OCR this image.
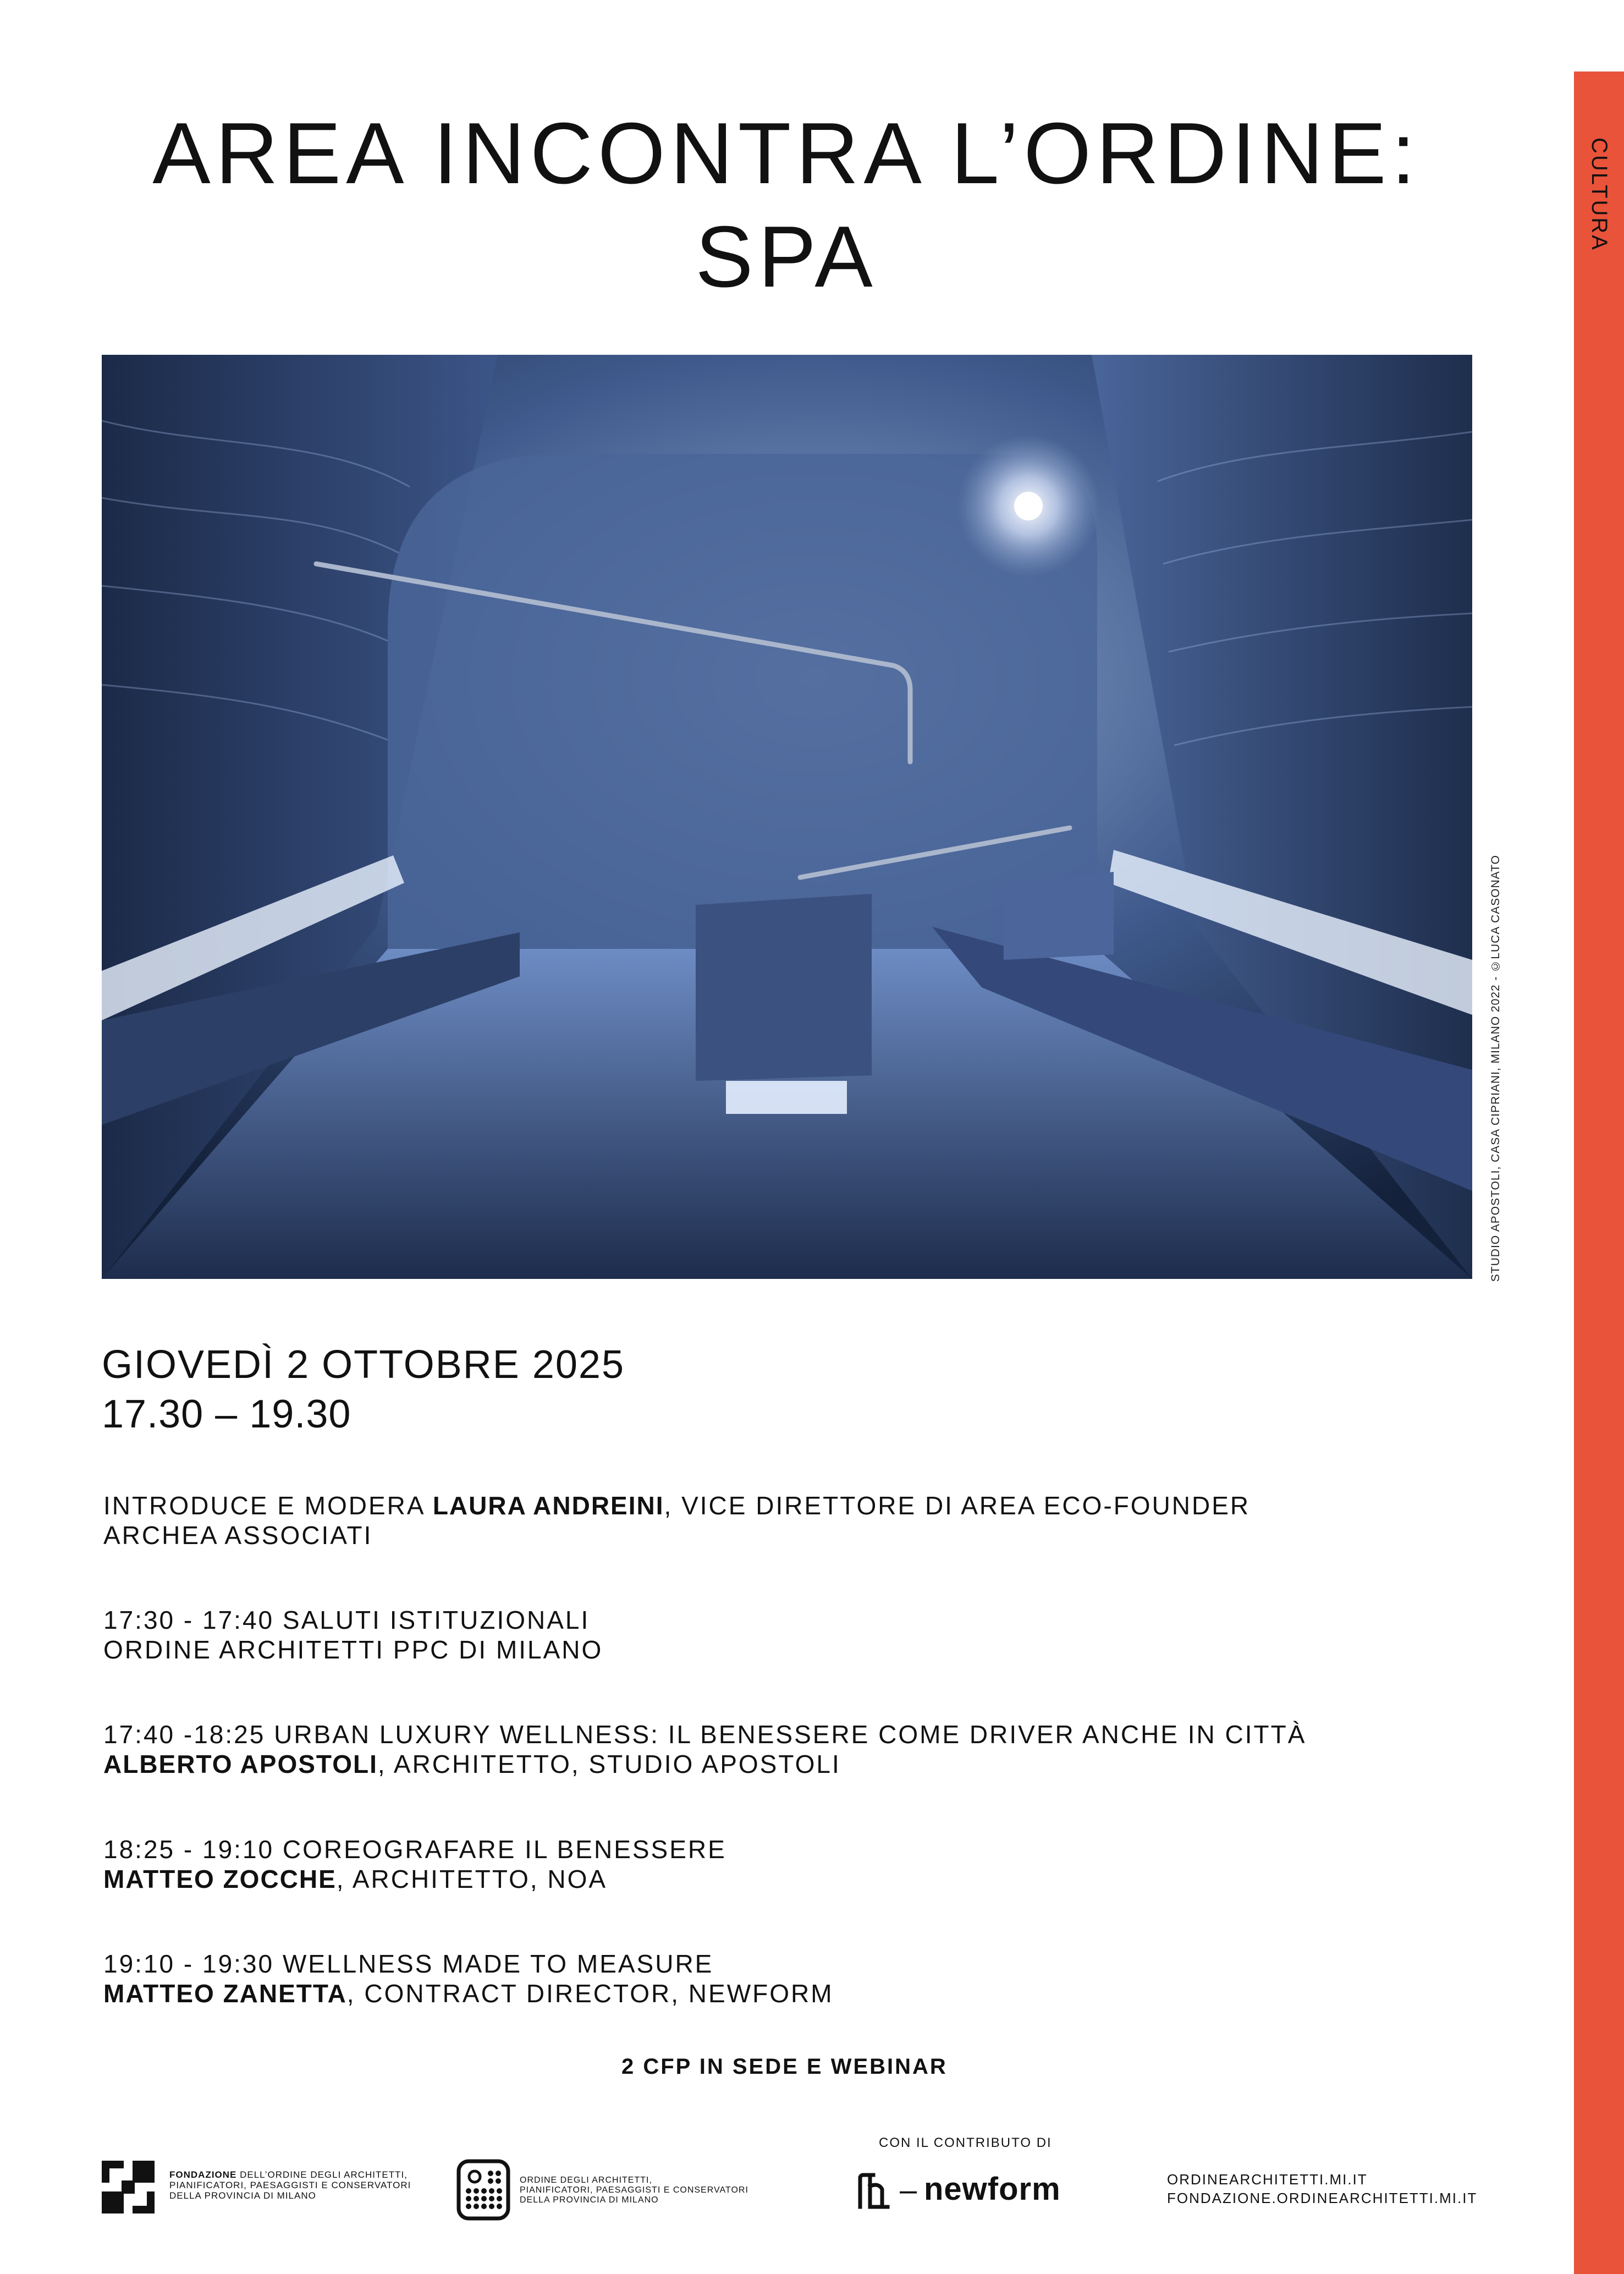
CULTURA
AREA INCONTRA L’ORDINE:
SPA
STUDIO APOSTOLI, CASA CIPRIANI, MILANO 2022 - ©LUCA CASONATO
GIOVEDÌ 2 OTTOBRE 2025
17.30 – 19.30
INTRODUCE E MODERA LAURA ANDREINI, VICE DIRETTORE DI AREA ECO-FOUNDER
ARCHEA ASSOCIATI
17:30 - 17:40 SALUTI ISTITUZIONALI
ORDINE ARCHITETTI PPC DI MILANO
17:40 -18:25 URBAN LUXURY WELLNESS: IL BENESSERE COME DRIVER ANCHE IN CITTÀ
ALBERTO APOSTOLI, ARCHITETTO, STUDIO APOSTOLI
18:25 - 19:10 COREOGRAFARE IL BENESSERE
MATTEO ZOCCHE, ARCHITETTO, NOA
19:10 - 19:30 WELLNESS MADE TO MEASURE
MATTEO ZANETTA, CONTRACT DIRECTOR, NEWFORM
2 CFP IN SEDE E WEBINAR
FONDAZIONE DELL’ORDINE DEGLI ARCHITETTI,
PIANIFICATORI, PAESAGGISTI E CONSERVATORI
DELLA PROVINCIA DI MILANO
ORDINE DEGLI ARCHITETTI,
PIANIFICATORI, PAESAGGISTI E CONSERVATORI
DELLA PROVINCIA DI MILANO
CON IL CONTRIBUTO DI
– newform	ORDINEARCHITETTI.MI.IT
FONDAZIONE.ORDINEARCHITETTI.MI.IT
